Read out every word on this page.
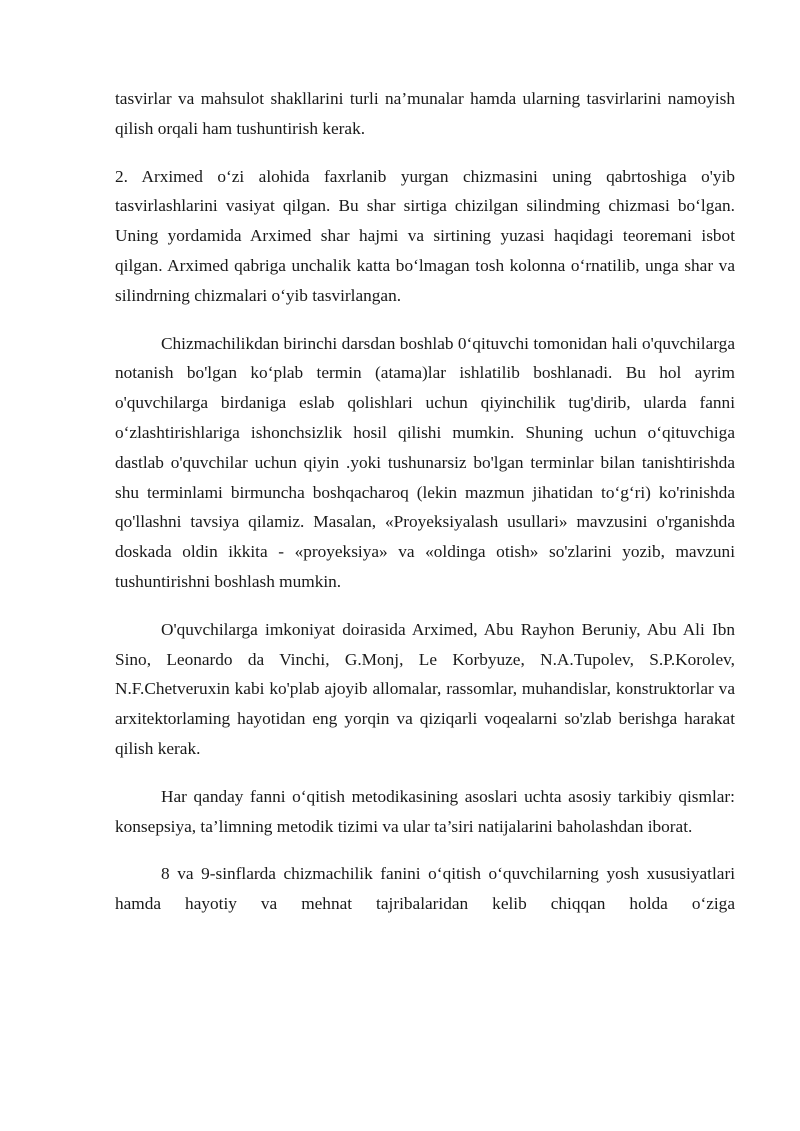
tasvirlar va mahsulot shakllarini turli na’munalar hamda ularning tasvirlarini namoyish qilish orqali ham tushuntirish kerak.

2. Arximed o‘zi alohida faxrlanib yurgan chizmasini uning qabrtoshiga o'yib tasvirlashlarini vasiyat qilgan. Bu shar sirtiga chizilgan silindming chizmasi bo‘lgan. Uning yordamida Arximed shar hajmi va sirtining yuzasi haqidagi teoremani isbot qilgan. Arximed qabriga unchalik katta bo‘lmagan tosh kolonna o‘rnatilib, unga shar va silindrning chizmalari o‘yib tasvirlangan.

Chizmachilikdan birinchi darsdan boshlab 0‘qituvchi tomonidan hali o'quvchilarga notanish bo'lgan ko‘plab termin (atama)lar ishlatilib boshlanadi. Bu hol ayrim o'quvchilarga birdaniga eslab qolishlari uchun qiyinchilik tug'dirib, ularda fanni o‘zlashtirishlariga ishonchsizlik hosil qilishi mumkin. Shuning uchun o‘qituvchiga dastlab o'quvchilar uchun qiyin .yoki tushunarsiz bo'lgan terminlar bilan tanishtirishda shu terminlami birmuncha boshqacharoq (lekin mazmun jihatidan to‘g‘ri) ko'rinishda qo'llashni tavsiya qilamiz. Masalan, «Proyeksiyalash usullari» mavzusini o'rganishda doskada oldin ikkita - «proyeksiya» va «oldinga otish» so'zlarini yozib, mavzuni tushuntirishni boshlash mumkin.

O'quvchilarga imkoniyat doirasida Arximed, Abu Rayhon Beruniy, Abu Ali Ibn Sino, Leonardo da Vinchi, G.Monj, Le Korbyuze, N.A.Tupolev, S.P.Korolev, N.F.Chetveruxin kabi ko'plab ajoyib allomalar, rassomlar, muhandislar, konstruktorlar va arxitektorlaming hayotidan eng yorqin va qiziqarli voqealarni so'zlab berishga harakat qilish kerak.

Har qanday fanni o‘qitish metodikasining asoslari uchta asosiy tarkibiy qismlar: konsepsiya, ta’limning metodik tizimi va ular ta’siri natijalarini baholashdan iborat.

8 va 9-sinflarda chizmachilik fanini o‘qitish o‘quvchilarning yosh xususiyatlari hamda hayotiy va mehnat tajribalaridan kelib chiqqan holda o‘ziga
